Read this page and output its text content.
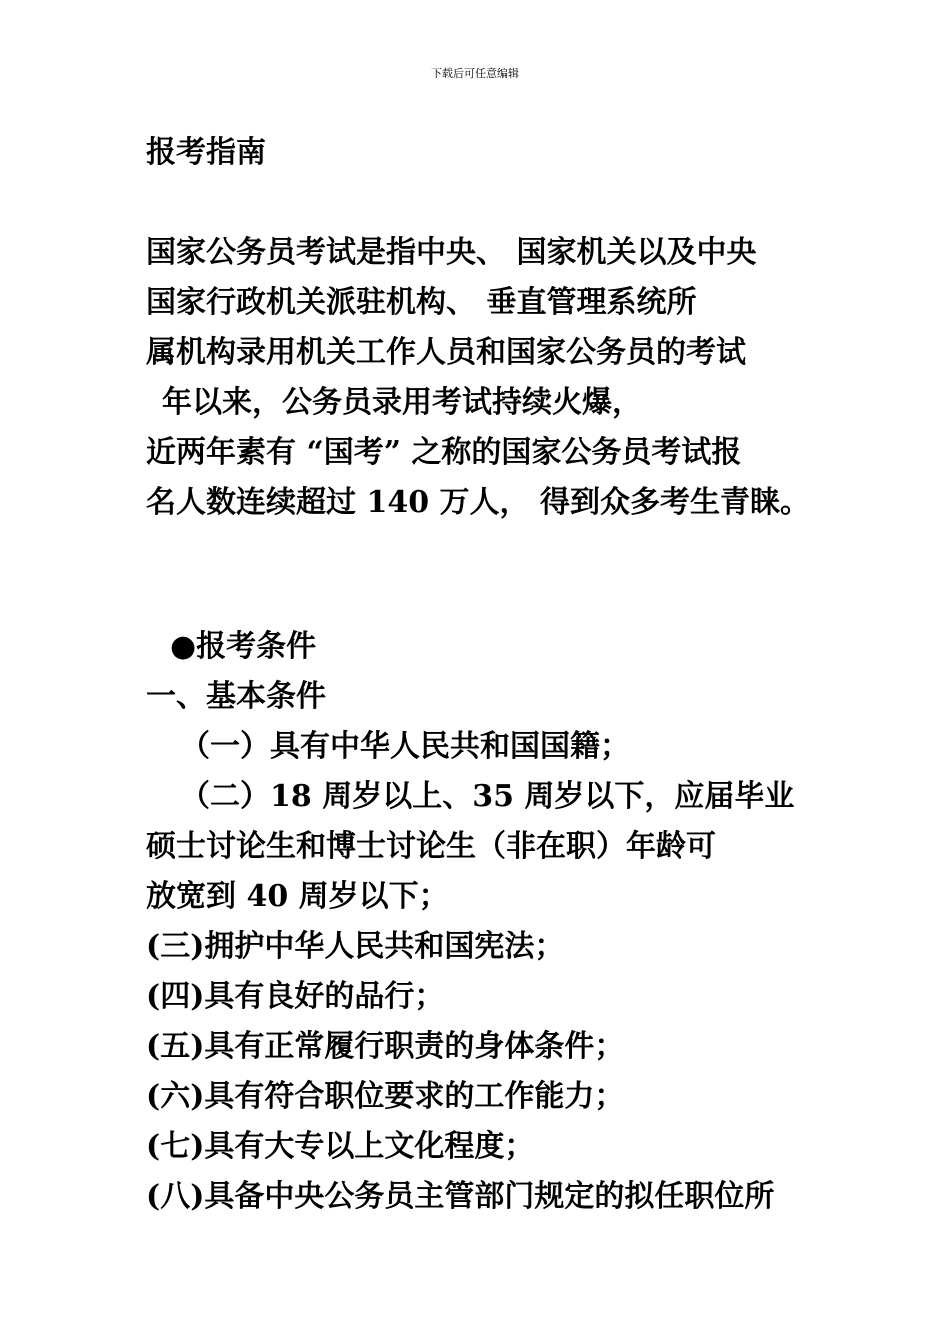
下载后可任意编辑
报考指南
国家公务员考试是指中央、 国家机关以及中央
国家行政机关派驻机构、 垂直管理系统所
属机构录用机关工作人员和国家公务员的考试
年以来，公务员录用考试持续火爆，
近两年素有 “国考” 之称的国家公务员考试报
名人数连续超过 140 万人， 得到众多考生青睐。
●报考条件
一、基本条件
（一）具有中华人民共和国国籍；
（二）18 周岁以上、35 周岁以下，应届毕业
硕士讨论生和博士讨论生（非在职）年龄可
放宽到 40 周岁以下；
(三)拥护中华人民共和国宪法；
(四)具有良好的品行；
(五)具有正常履行职责的身体条件；
(六)具有符合职位要求的工作能力；
(七)具有大专以上文化程度；
(八)具备中央公务员主管部门规定的拟任职位所
